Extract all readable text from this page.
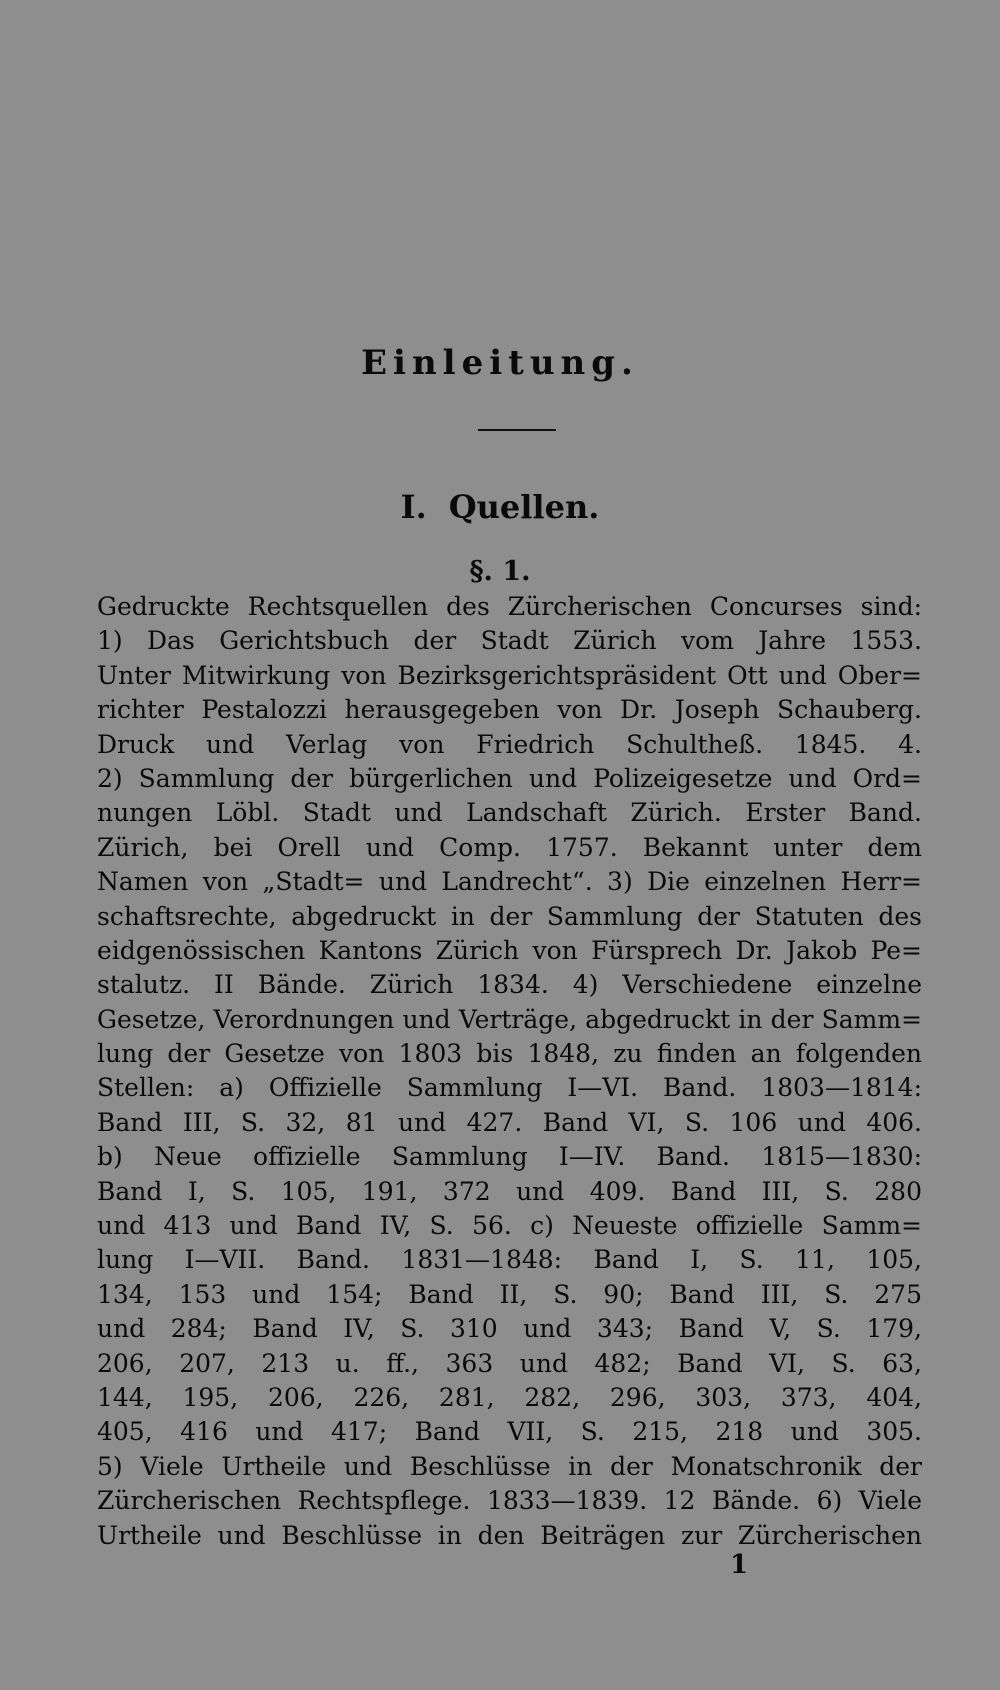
Einleitung.
I. Quellen.
§. 1.
Gedruckte Rechtsquellen des Zürcherischen Concurses sind:
1) Das Gerichtsbuch der Stadt Zürich vom Jahre 1553.
Unter Mitwirkung von Bezirksgerichtspräsident Ott und Ober=
richter Pestalozzi herausgegeben von Dr. Joseph Schauberg.
Druck und Verlag von Friedrich Schultheß. 1845. 4.
2) Sammlung der bürgerlichen und Polizeigesetze und Ord=
nungen Löbl. Stadt und Landschaft Zürich. Erster Band.
Zürich, bei Orell und Comp. 1757. Bekannt unter dem
Namen von „Stadt= und Landrecht“. 3) Die einzelnen Herr=
schaftsrechte, abgedruckt in der Sammlung der Statuten des
eidgenössischen Kantons Zürich von Fürsprech Dr. Jakob Pe=
stalutz. II Bände. Zürich 1834. 4) Verschiedene einzelne
Gesetze, Verordnungen und Verträge, abgedruckt in der Samm=
lung der Gesetze von 1803 bis 1848, zu finden an folgenden
Stellen: a) Offizielle Sammlung I—VI. Band. 1803—1814:
Band III, S. 32, 81 und 427. Band VI, S. 106 und 406.
b) Neue offizielle Sammlung I—IV. Band. 1815—1830:
Band I, S. 105, 191, 372 und 409. Band III, S. 280
und 413 und Band IV, S. 56. c) Neueste offizielle Samm=
lung I—VII. Band. 1831—1848: Band I, S. 11, 105,
134, 153 und 154; Band II, S. 90; Band III, S. 275
und 284; Band IV, S. 310 und 343; Band V, S. 179,
206, 207, 213 u. ff., 363 und 482; Band VI, S. 63,
144, 195, 206, 226, 281, 282, 296, 303, 373, 404,
405, 416 und 417; Band VII, S. 215, 218 und 305.
5) Viele Urtheile und Beschlüsse in der Monatschronik der
Zürcherischen Rechtspflege. 1833—1839. 12 Bände. 6) Viele
Urtheile und Beschlüsse in den Beiträgen zur Zürcherischen
1
